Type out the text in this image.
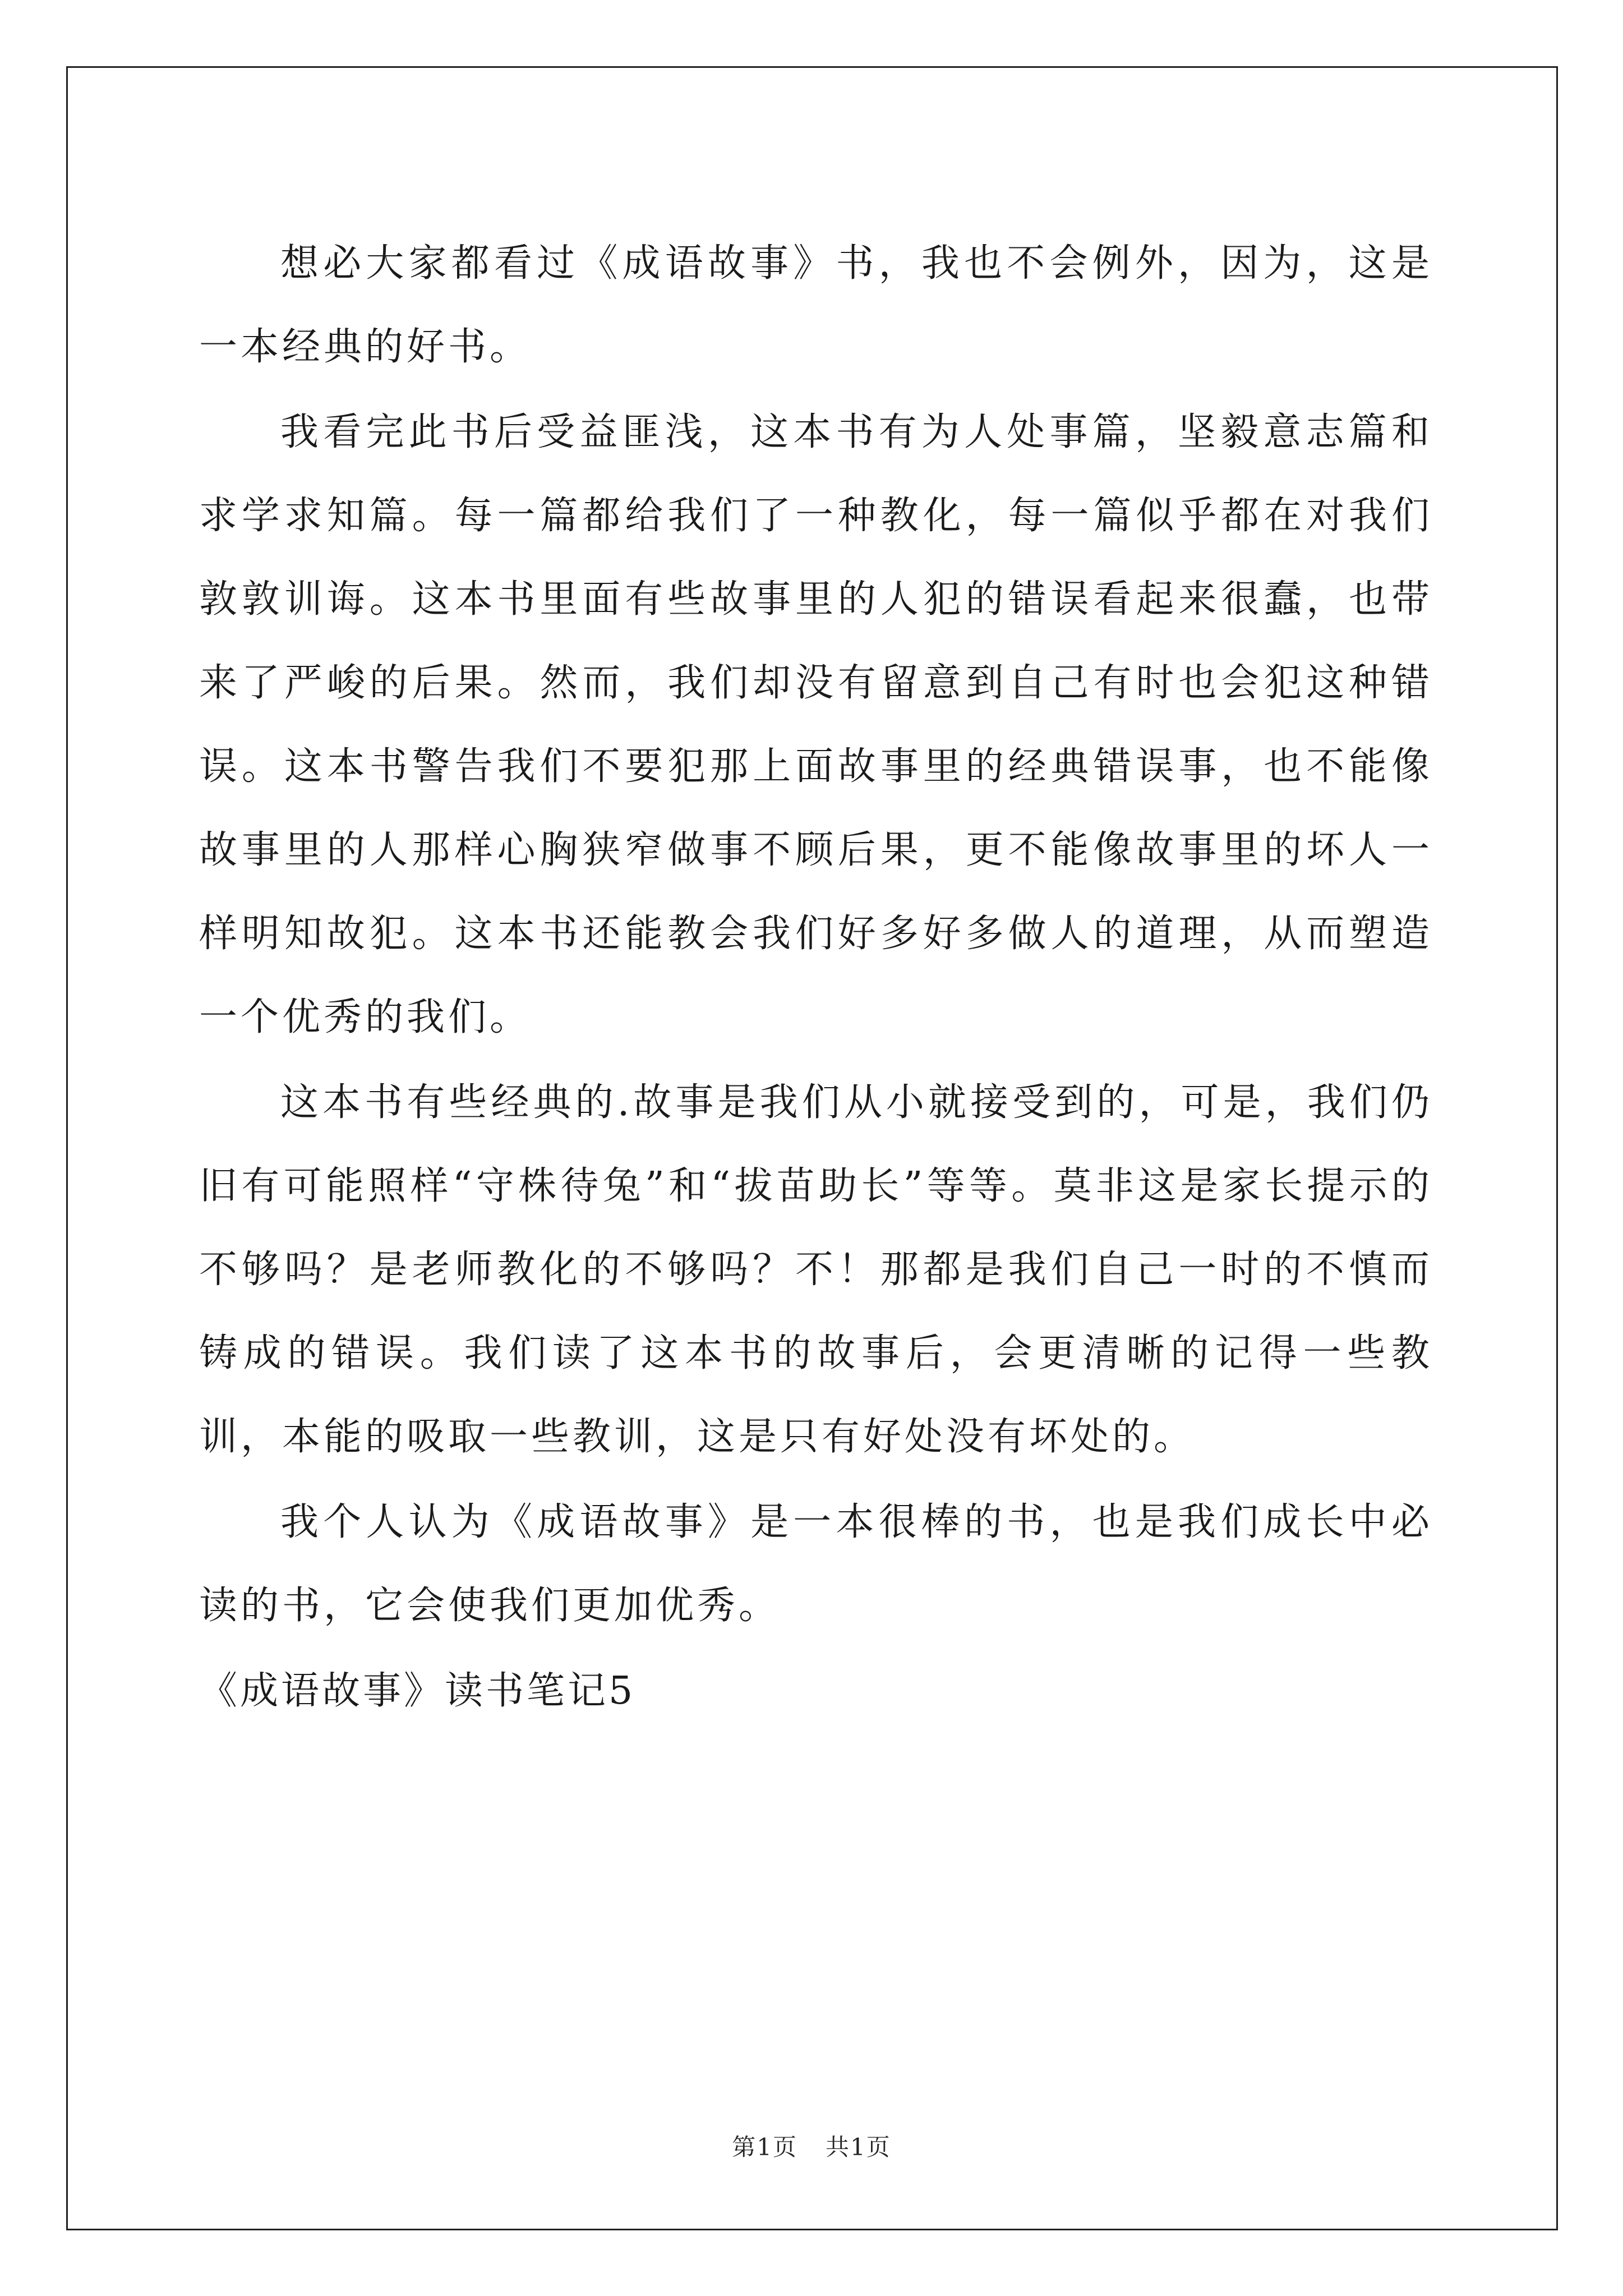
想必大家都看过《成语故事》书，我也不会例外，因为，这是一本经典的好书。

我看完此书后受益匪浅，这本书有为人处事篇，坚毅意志篇和求学求知篇。每一篇都给我们了一种教化，每一篇似乎都在对我们敦敦训诲。这本书里面有些故事里的人犯的错误看起来很蠢，也带来了严峻的后果。然而，我们却没有留意到自己有时也会犯这种错误。这本书警告我们不要犯那上面故事里的经典错误事，也不能像故事里的人那样心胸狭窄做事不顾后果，更不能像故事里的坏人一样明知故犯。这本书还能教会我们好多好多做人的道理，从而塑造一个优秀的我们。

这本书有些经典的.故事是我们从小就接受到的，可是，我们仍旧有可能照样“守株待兔”和“拔苗助长”等等。莫非这是家长提示的不够吗？是老师教化的不够吗？不！那都是我们自己一时的不慎而铸成的错误。我们读了这本书的故事后，会更清晰的记得一些教训，本能的吸取一些教训，这是只有好处没有坏处的。

我个人认为《成语故事》是一本很棒的书，也是我们成长中必读的书，它会使我们更加优秀。

《成语故事》读书笔记5
第1页 共1页
